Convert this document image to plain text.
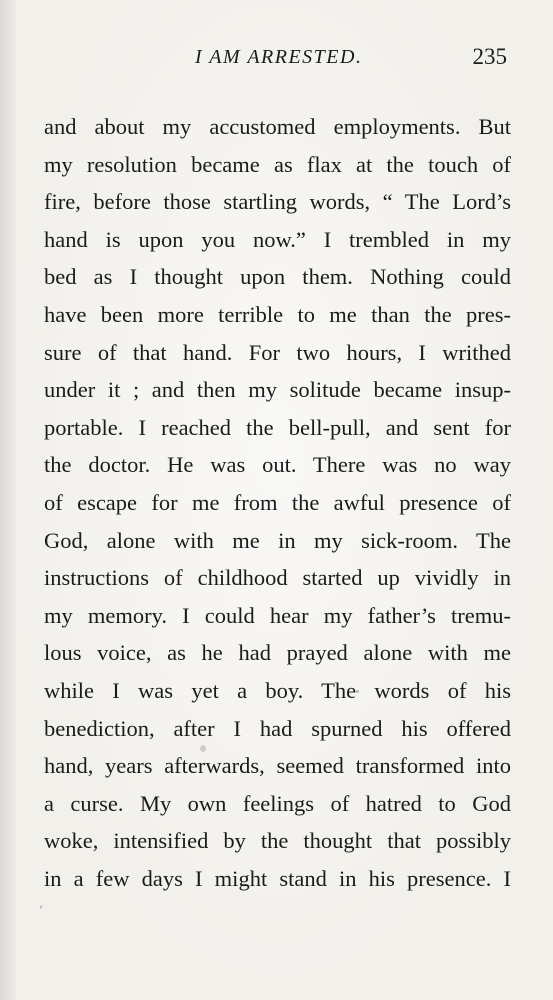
I AM ARRESTED.	235
and about my accustomed employments. But
my resolution became as flax at the touch of
fire, before those startling words, “ The Lord’s
hand is upon you now.” I trembled in my
bed as I thought upon them. Nothing could
have been more terrible to me than the pres-
sure of that hand. For two hours, I writhed
under it ; and then my solitude became insup-
portable. I reached the bell-pull, and sent for
the doctor. He was out. There was no way
of escape for me from the awful presence of
God, alone with me in my sick-room. The
instructions of childhood started up vividly in
my memory. I could hear my father’s tremu-
lous voice, as he had prayed alone with me
while I was yet a boy. The words of his
benediction, after I had spurned his offered
hand, years afterwards, seemed transformed into
a curse. My own feelings of hatred to God
woke, intensified by the thought that possibly
in a few days I might stand in his presence. I
